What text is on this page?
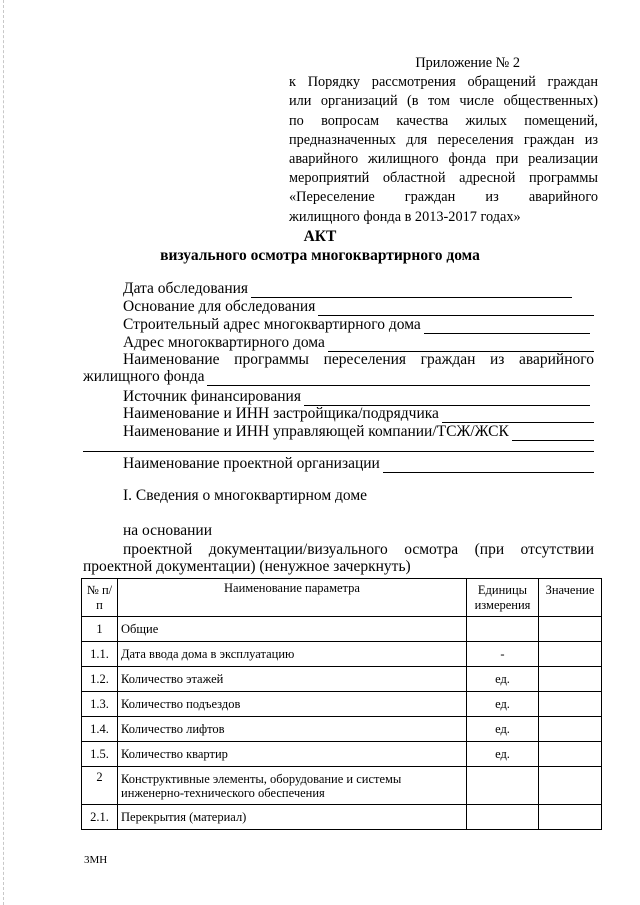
Приложение № 2
к Порядку рассмотрения обращений граждан
или организаций (в том числе общественных)
по вопросам качества жилых помещений,
предназначенных для переселения граждан из
аварийного жилищного фонда при реализации
мероприятий областной адресной программы
«Переселение граждан из аварийного
жилищного фонда в 2013-2017 годах»
АКТ
визуального осмотра многоквартирного дома
Дата обследования
Основание для обследования
Строительный адрес многоквартирного дома
Адрес многоквартирного дома
Наименование программы переселения граждан из аварийного
жилищного фонда
Источник финансирования
Наименование и ИНН застройщика/подрядчика
Наименование и ИНН управляющей компании/ТСЖ/ЖСК
Наименование проектной организации
I. Сведения о многоквартирном доме
на основании
проектной документации/визуального осмотра (при отсутствии
проектной документации) (ненужное зачеркнуть)
№ п/п	Наименование параметра	Единицы измерения	Значение
1	Общие		
1.1.	Дата ввода дома в эксплуатацию	-	
1.2.	Количество этажей	ед.	
1.3.	Количество подъездов	ед.	
1.4.	Количество лифтов	ед.	
1.5.	Количество квартир	ед.	
2	Конструктивные элементы, оборудование и системы инженерно-технического обеспечения		
2.1.	Перекрытия (материал)		
3МН
